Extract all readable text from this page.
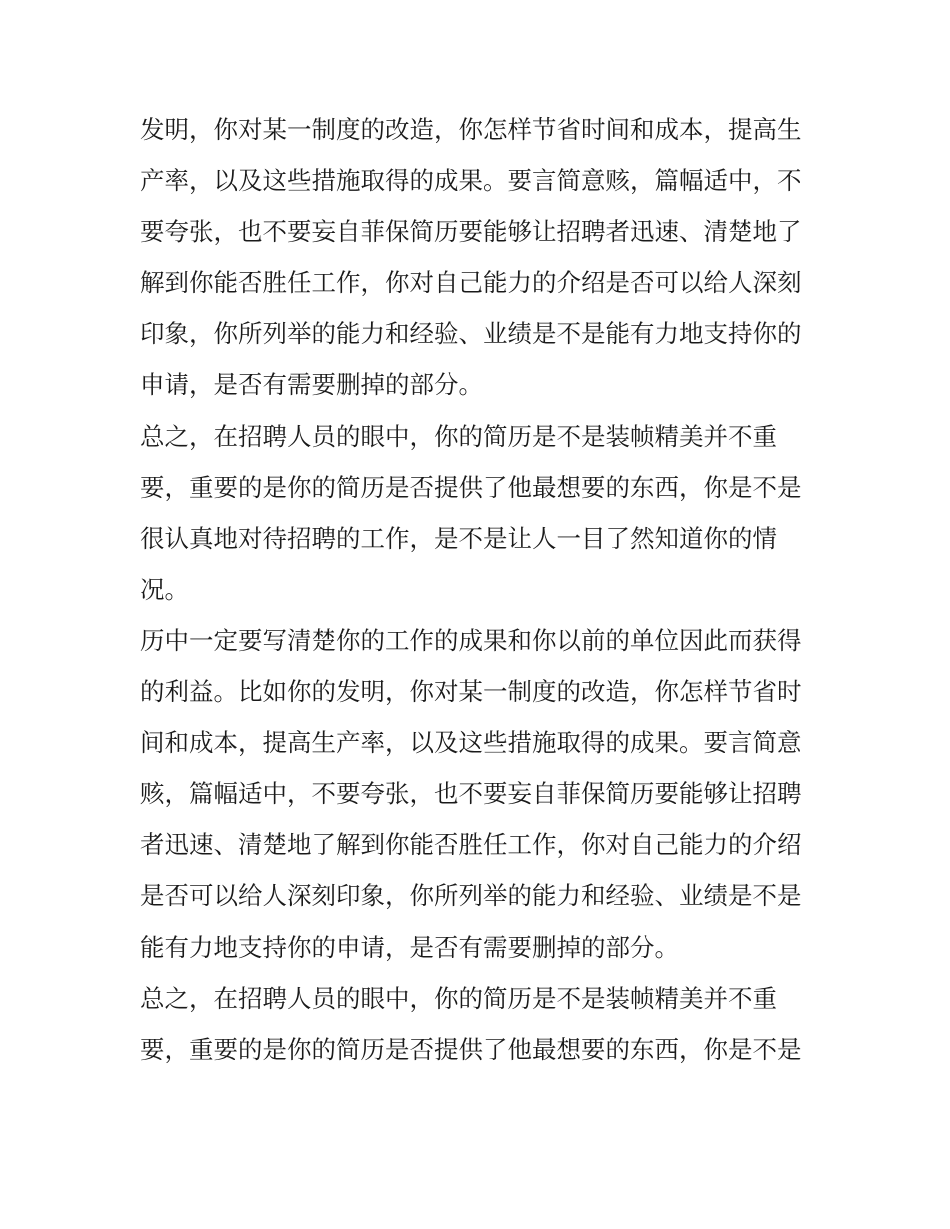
发明，你对某一制度的改造，你怎样节省时间和成本，提高生
产率，以及这些措施取得的成果。要言简意赅，篇幅适中，不
要夸张，也不要妄自菲保简历要能够让招聘者迅速、清楚地了
解到你能否胜任工作，你对自己能力的介绍是否可以给人深刻
印象，你所列举的能力和经验、业绩是不是能有力地支持你的
申请，是否有需要删掉的部分。
总之，在招聘人员的眼中，你的简历是不是装帧精美并不重
要，重要的是你的简历是否提供了他最想要的东西，你是不是
很认真地对待招聘的工作，是不是让人一目了然知道你的情
况。
历中一定要写清楚你的工作的成果和你以前的单位因此而获得
的利益。比如你的发明，你对某一制度的改造，你怎样节省时
间和成本，提高生产率，以及这些措施取得的成果。要言简意
赅，篇幅适中，不要夸张，也不要妄自菲保简历要能够让招聘
者迅速、清楚地了解到你能否胜任工作，你对自己能力的介绍
是否可以给人深刻印象，你所列举的能力和经验、业绩是不是
能有力地支持你的申请，是否有需要删掉的部分。
总之，在招聘人员的眼中，你的简历是不是装帧精美并不重
要，重要的是你的简历是否提供了他最想要的东西，你是不是
